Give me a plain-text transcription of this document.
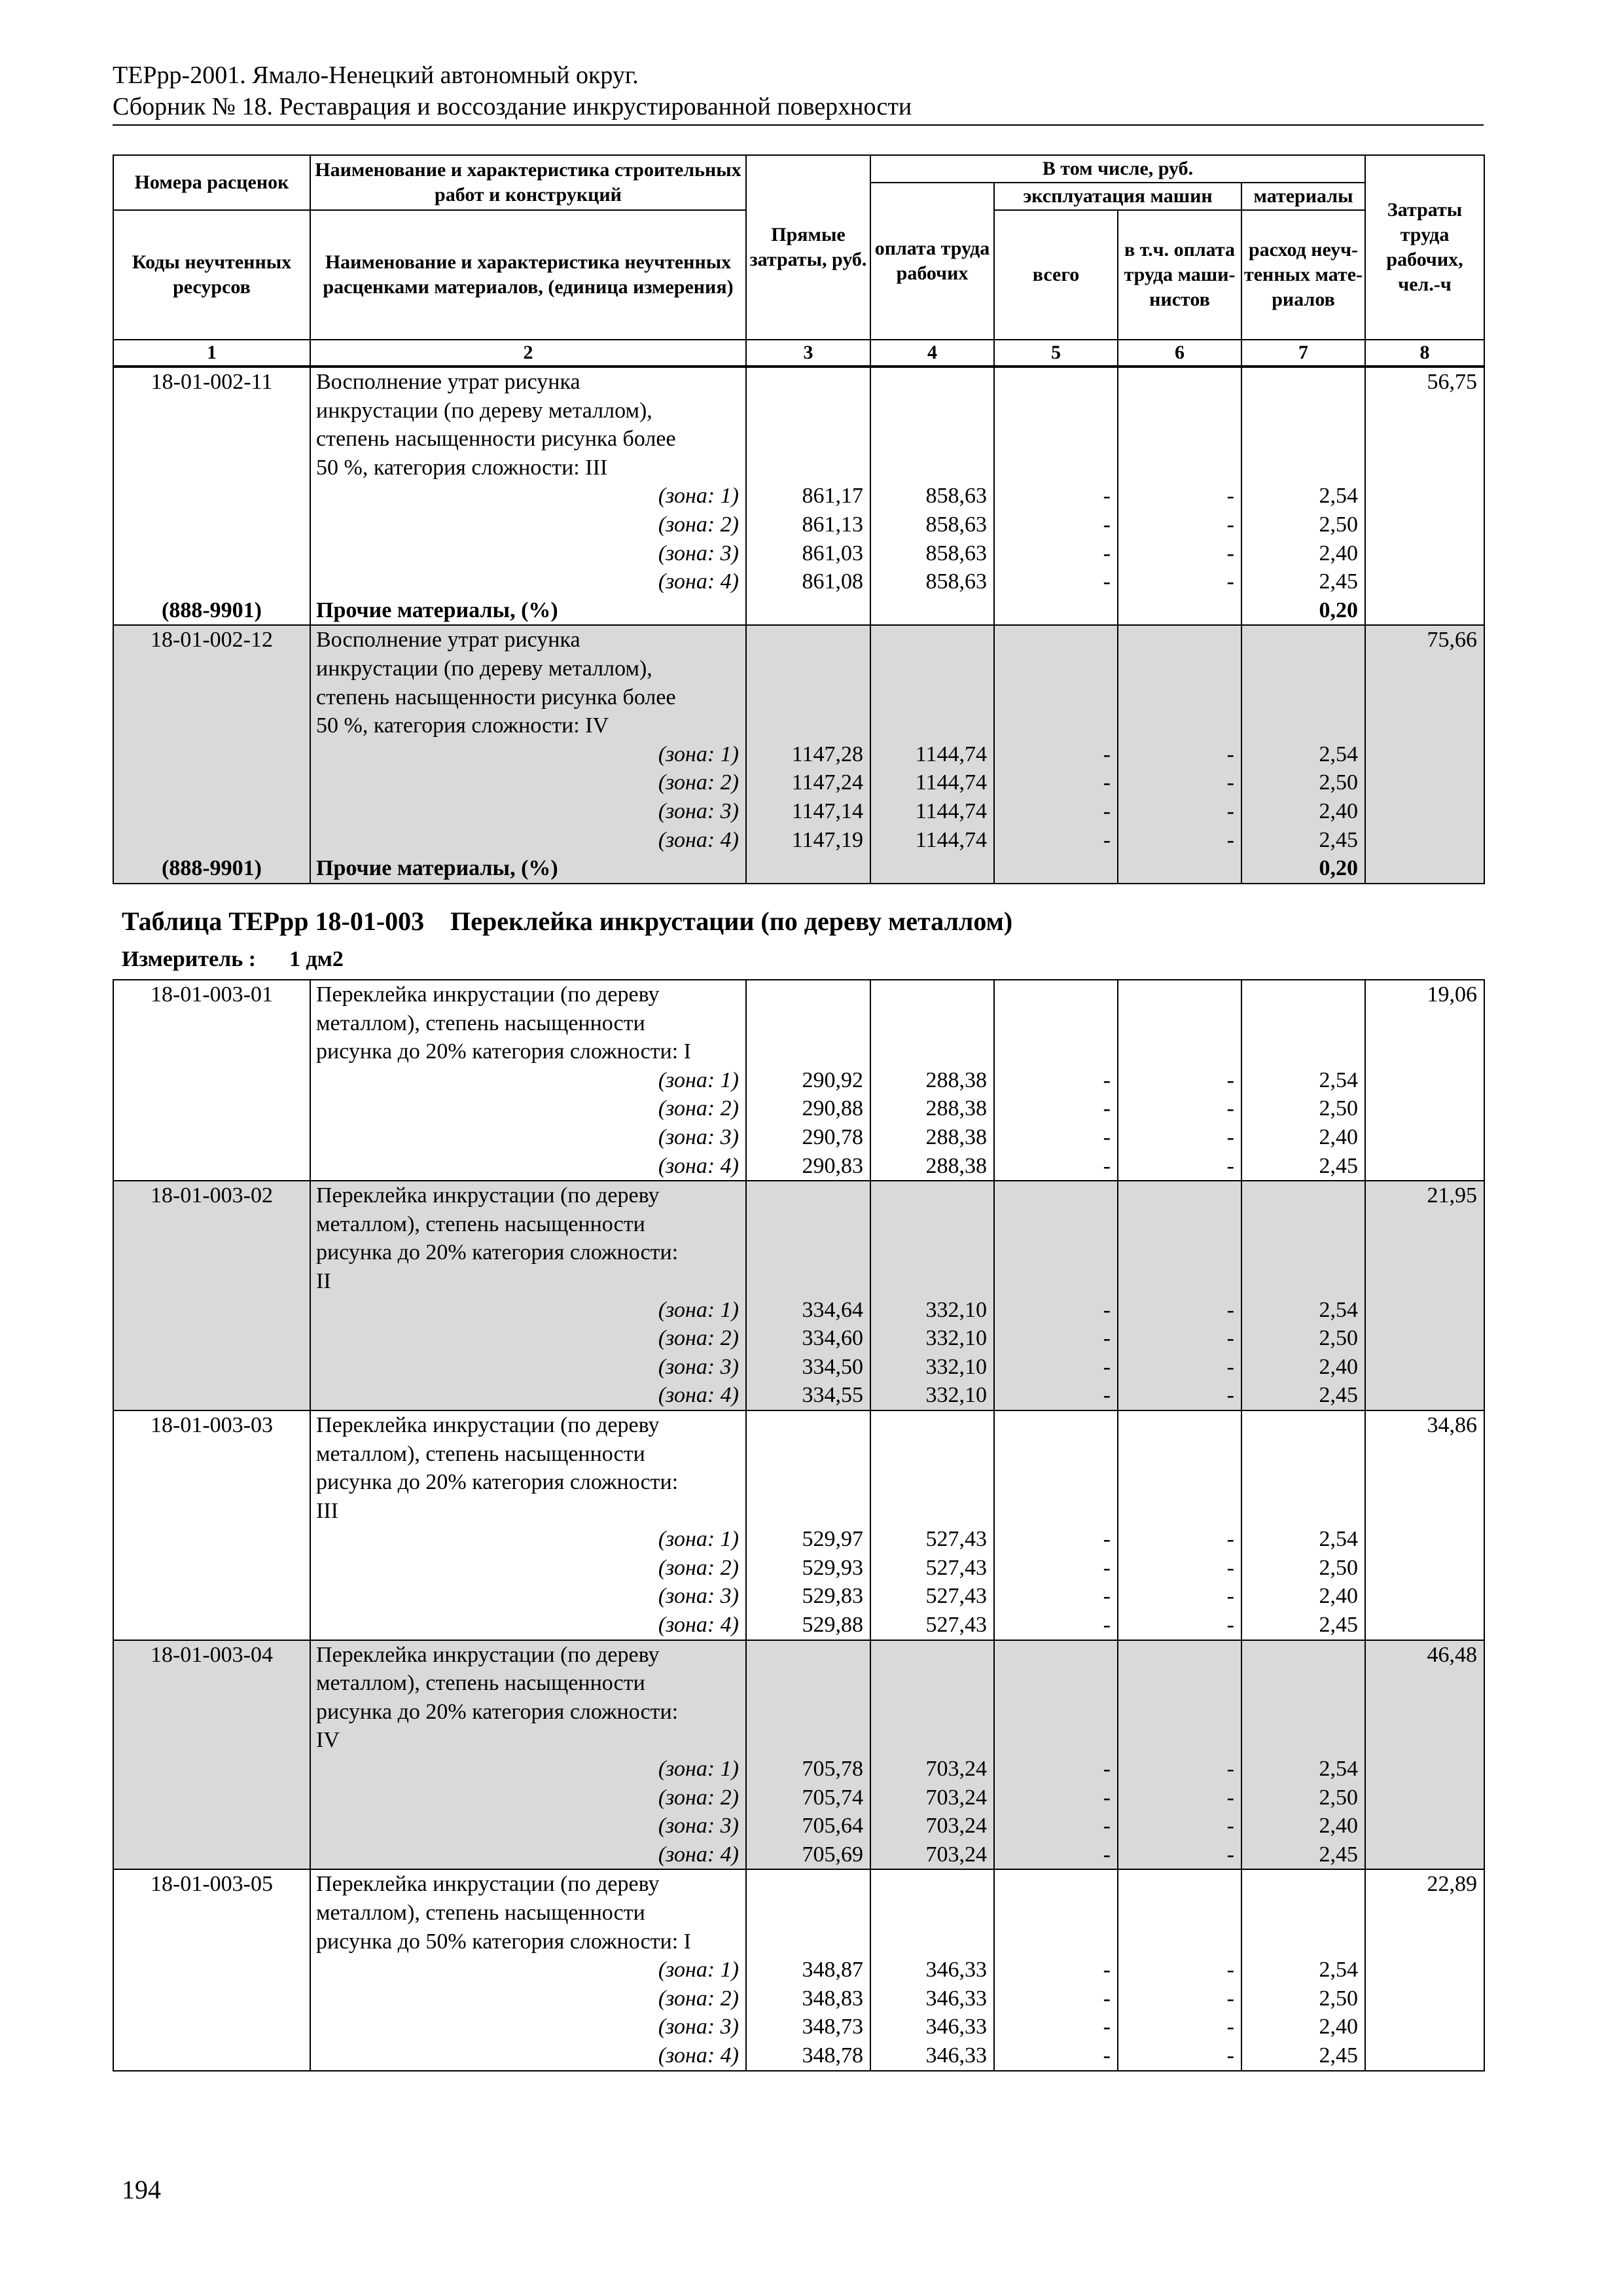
ТЕРрр-2001. Ямало-Ненецкий автономный округ.
Сборник № 18. Реставрация и воссоздание инкрустированной поверхности
Номера расценок	Наименование и характеристика строительных работ и конструкций	Прямые затраты, руб.	В том числе, руб.				Затраты труда рабочих, чел.-ч
			оплата труда рабочих	эксплуатация машин		материалы	
Коды неучтенных ресурсов	Наименование и характеристика неучтенных расценками материалов, (единица измерения)			всего	в т.ч. оплата труда маши-нистов	расход неуч-тенных мате-риалов	

1	2	3	4	5	6	7	8
18-01-002-11	Восполнение утрат рисунка						56,75
	инкрустации (по дереву металлом),						
	степень насыщенности рисунка более						
	50 %, категория сложности: III						
	(зона: 1)	861,17	858,63	-	-	2,54	
	(зона: 2)	861,13	858,63	-	-	2,50	
	(зона: 3)	861,03	858,63	-	-	2,40	
	(зона: 4)	861,08	858,63	-	-	2,45	
(888-9901)	Прочие материалы, (%)					0,20	
18-01-002-12	Восполнение утрат рисунка						75,66
	инкрустации (по дереву металлом),						
	степень насыщенности рисунка более						
	50 %, категория сложности: IV						
	(зона: 1)	1147,28	1144,74	-	-	2,54	
	(зона: 2)	1147,24	1144,74	-	-	2,50	
	(зона: 3)	1147,14	1144,74	-	-	2,40	
	(зона: 4)	1147,19	1144,74	-	-	2,45	
(888-9901)	Прочие материалы, (%)					0,20	
Таблица ТЕРрр 18-01-003    Переклейка инкрустации (по дереву металлом)
Измеритель :      1 дм2
18-01-003-01	Переклейка инкрустации (по дереву						19,06
	металлом), степень насыщенности						
	рисунка до 20% категория сложности: I						
	(зона: 1)	290,92	288,38	-	-	2,54	
	(зона: 2)	290,88	288,38	-	-	2,50	
	(зона: 3)	290,78	288,38	-	-	2,40	
	(зона: 4)	290,83	288,38	-	-	2,45	
18-01-003-02	Переклейка инкрустации (по дереву						21,95
	металлом), степень насыщенности						
	рисунка до 20% категория сложности:						
	II						
	(зона: 1)	334,64	332,10	-	-	2,54	
	(зона: 2)	334,60	332,10	-	-	2,50	
	(зона: 3)	334,50	332,10	-	-	2,40	
	(зона: 4)	334,55	332,10	-	-	2,45	
18-01-003-03	Переклейка инкрустации (по дереву						34,86
	металлом), степень насыщенности						
	рисунка до 20% категория сложности:						
	III						
	(зона: 1)	529,97	527,43	-	-	2,54	
	(зона: 2)	529,93	527,43	-	-	2,50	
	(зона: 3)	529,83	527,43	-	-	2,40	
	(зона: 4)	529,88	527,43	-	-	2,45	
18-01-003-04	Переклейка инкрустации (по дереву						46,48
	металлом), степень насыщенности						
	рисунка до 20% категория сложности:						
	IV						
	(зона: 1)	705,78	703,24	-	-	2,54	
	(зона: 2)	705,74	703,24	-	-	2,50	
	(зона: 3)	705,64	703,24	-	-	2,40	
	(зона: 4)	705,69	703,24	-	-	2,45	
18-01-003-05	Переклейка инкрустации (по дереву						22,89
	металлом), степень насыщенности						
	рисунка до 50% категория сложности: I						
	(зона: 1)	348,87	346,33	-	-	2,54	
	(зона: 2)	348,83	346,33	-	-	2,50	
	(зона: 3)	348,73	346,33	-	-	2,40	
	(зона: 4)	348,78	346,33	-	-	2,45	
194
